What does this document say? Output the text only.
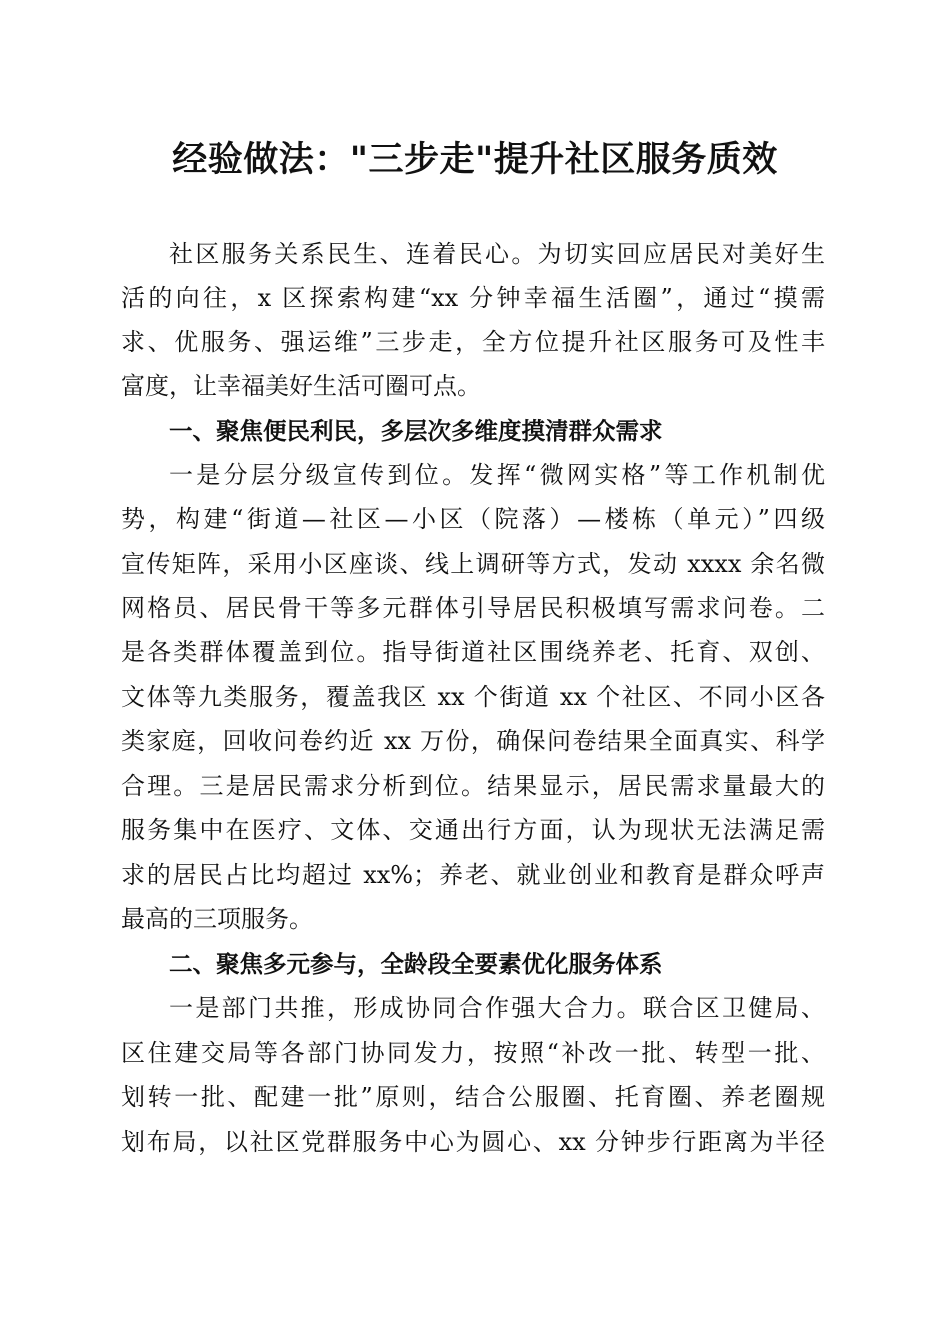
经验做法："三步走"提升社区服务质效
社区服务关系民生、连着民心。为切实回应居民对美好生
活的向往，x 区探索构建“xx 分钟幸福生活圈”，通过“摸需
求、优服务、强运维”三步走，全方位提升社区服务可及性丰
富度，让幸福美好生活可圈可点。
一、聚焦便民利民，多层次多维度摸清群众需求
一是分层分级宣传到位。发挥“微网实格”等工作机制优
势，构建“街道—社区—小区（院落）—楼栋（单元）”四级
宣传矩阵，采用小区座谈、线上调研等方式，发动 xxxx 余名微
网格员、居民骨干等多元群体引导居民积极填写需求问卷。二
是各类群体覆盖到位。指导街道社区围绕养老、托育、双创、
文体等九类服务，覆盖我区 xx 个街道 xx 个社区、不同小区各
类家庭，回收问卷约近 xx 万份，确保问卷结果全面真实、科学
合理。三是居民需求分析到位。结果显示，居民需求量最大的
服务集中在医疗、文体、交通出行方面，认为现状无法满足需
求的居民占比均超过 xx%；养老、就业创业和教育是群众呼声
最高的三项服务。
二、聚焦多元参与，全龄段全要素优化服务体系
一是部门共推，形成协同合作强大合力。联合区卫健局、
区住建交局等各部门协同发力，按照“补改一批、转型一批、
划转一批、配建一批”原则，结合公服圈、托育圈、养老圈规
划布局，以社区党群服务中心为圆心、xx 分钟步行距离为半径
